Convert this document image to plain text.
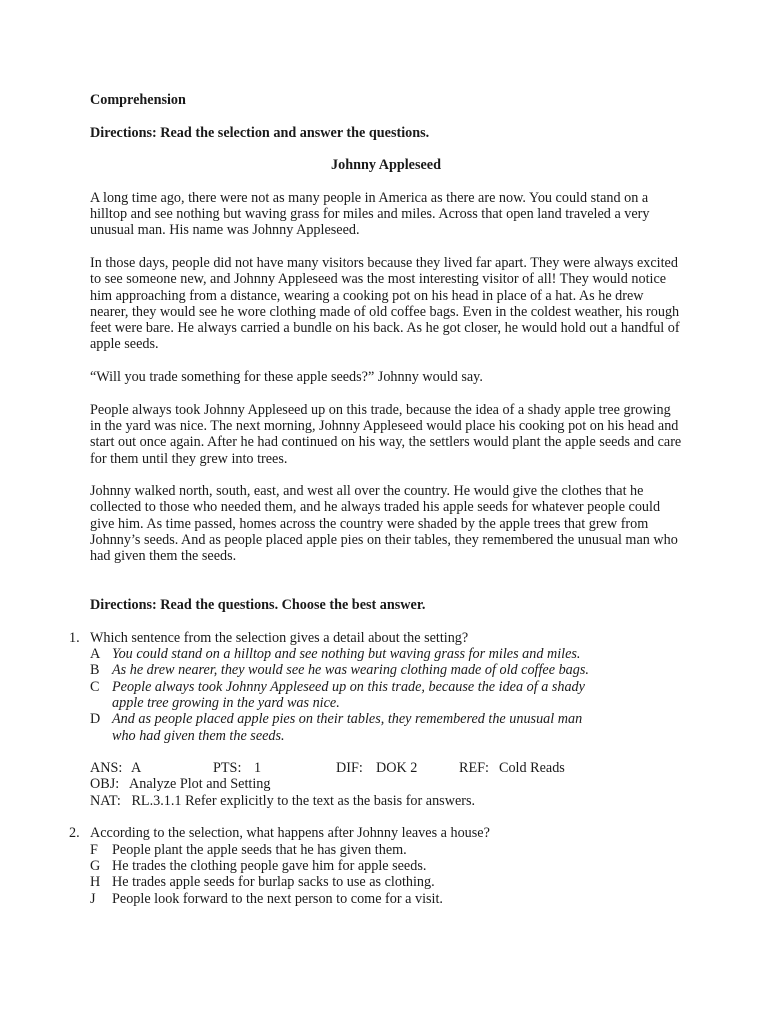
Comprehension

Directions: Read the selection and answer the questions.

Johnny Appleseed

A long time ago, there were not as many people in America as there are now. You could stand on a hilltop and see nothing but waving grass for miles and miles. Across that open land traveled a very unusual man. His name was Johnny Appleseed.

In those days, people did not have many visitors because they lived far apart. They were always excited to see someone new, and Johnny Appleseed was the most interesting visitor of all! They would notice him approaching from a distance, wearing a cooking pot on his head in place of a hat. As he drew nearer, they would see he wore clothing made of old coffee bags. Even in the coldest weather, his rough feet were bare. He always carried a bundle on his back. As he got closer, he would hold out a handful of apple seeds.

“Will you trade something for these apple seeds?” Johnny would say.

People always took Johnny Appleseed up on this trade, because the idea of a shady apple tree growing in the yard was nice. The next morning, Johnny Appleseed would place his cooking pot on his head and start out once again. After he had continued on his way, the settlers would plant the apple seeds and care for them until they grew into trees.

Johnny walked north, south, east, and west all over the country. He would give the clothes that he collected to those who needed them, and he always traded his apple seeds for whatever people could give him. As time passed, homes across the country were shaded by the apple trees that grew from Johnny’s seeds. And as people placed apple pies on their tables, they remembered the unusual man who had given them the seeds.

Directions: Read the questions. Choose the best answer.

1. Which sentence from the selection gives a detail about the setting?

A You could stand on a hilltop and see nothing but waving grass for miles and miles.
B As he drew nearer, they would see he was wearing clothing made of old coffee bags.
C People always took Johnny Appleseed up on this trade, because the idea of a shady apple tree growing in the yard was nice.
D And as people placed apple pies on their tables, they remembered the unusual man who had given them the seeds.
ANS: A	PTS: 1	DIF: DOK 2	REF: Cold Reads
OBJ: Analyze Plot and Setting
NAT: RL.3.1.1 Refer explicitly to the text as the basis for answers.
2. According to the selection, what happens after Johnny leaves a house?

F People plant the apple seeds that he has given them.
G He trades the clothing people gave him for apple seeds.
H He trades apple seeds for burlap sacks to use as clothing.
J People look forward to the next person to come for a visit.
